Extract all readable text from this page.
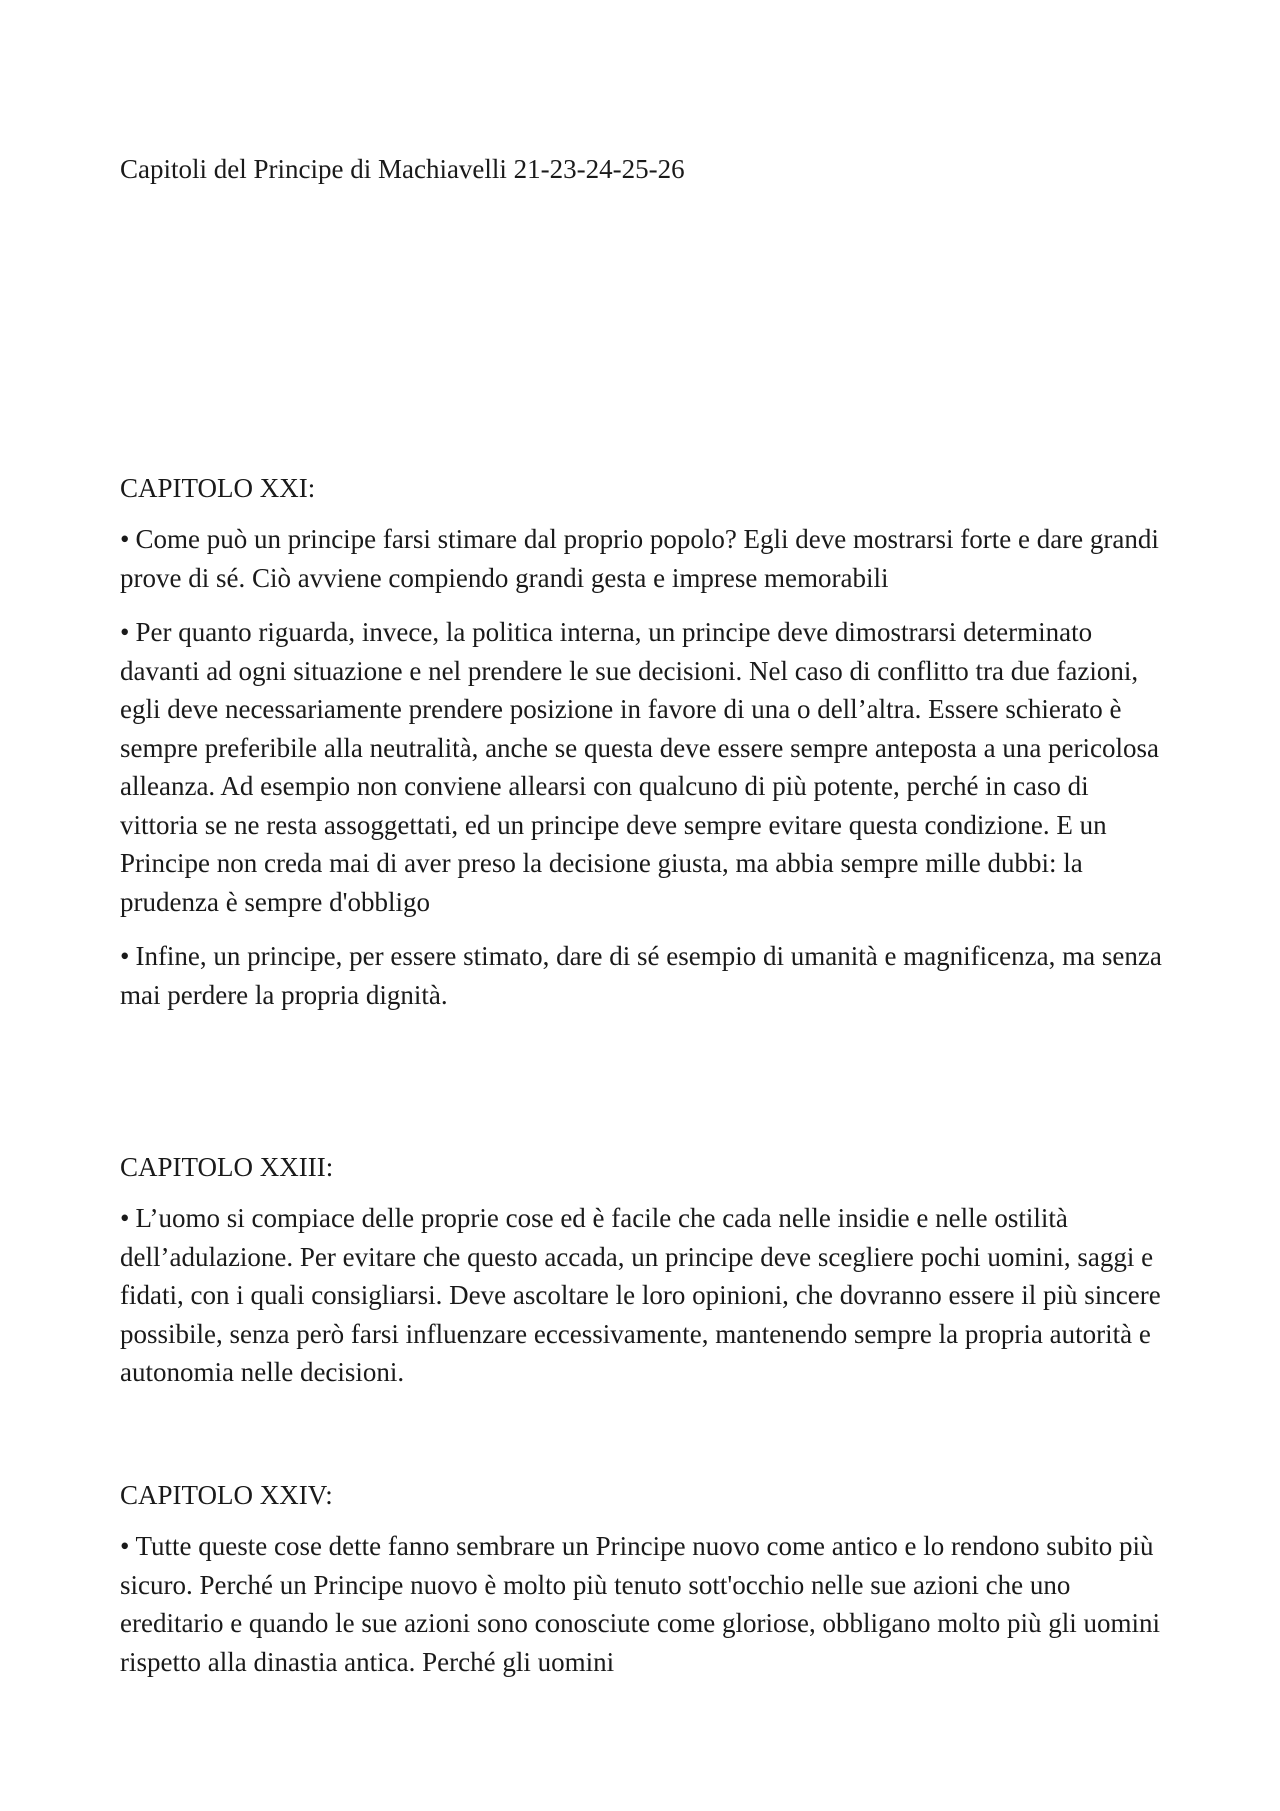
Capitoli del Principe di Machiavelli 21-23-24-25-26
CAPITOLO XXI:

• Come può un principe farsi stimare dal proprio popolo? Egli deve mostrarsi forte e dare grandi prove di sé. Ciò avviene compiendo grandi gesta e imprese memorabili

• Per quanto riguarda, invece, la politica interna, un principe deve dimostrarsi determinato davanti ad ogni situazione e nel prendere le sue decisioni. Nel caso di conflitto tra due fazioni, egli deve necessariamente prendere posizione in favore di una o dell’altra. Essere schierato è sempre preferibile alla neutralità, anche se questa deve essere sempre anteposta a una pericolosa alleanza. Ad esempio non conviene allearsi con qualcuno di più potente, perché in caso di vittoria se ne resta assoggettati, ed un principe deve sempre evitare questa condizione. E un Principe non creda mai di aver preso la decisione giusta, ma abbia sempre mille dubbi: la prudenza è sempre d'obbligo

• Infine, un principe, per essere stimato, dare di sé esempio di umanità e magnificenza, ma senza mai perdere la propria dignità.

CAPITOLO XXIII:

• L’uomo si compiace delle proprie cose ed è facile che cada nelle insidie e nelle ostilità dell’adulazione. Per evitare che questo accada, un principe deve scegliere pochi uomini, saggi e fidati, con i quali consigliarsi. Deve ascoltare le loro opinioni, che dovranno essere il più sincere possibile, senza però farsi influenzare eccessivamente, mantenendo sempre la propria autorità e autonomia nelle decisioni.

CAPITOLO XXIV:

• Tutte queste cose dette fanno sembrare un Principe nuovo come antico e lo rendono subito più sicuro. Perché un Principe nuovo è molto più tenuto sott'occhio nelle sue azioni che uno ereditario e quando le sue azioni sono conosciute come gloriose, obbligano molto più gli uomini rispetto alla dinastia antica. Perché gli uomini
